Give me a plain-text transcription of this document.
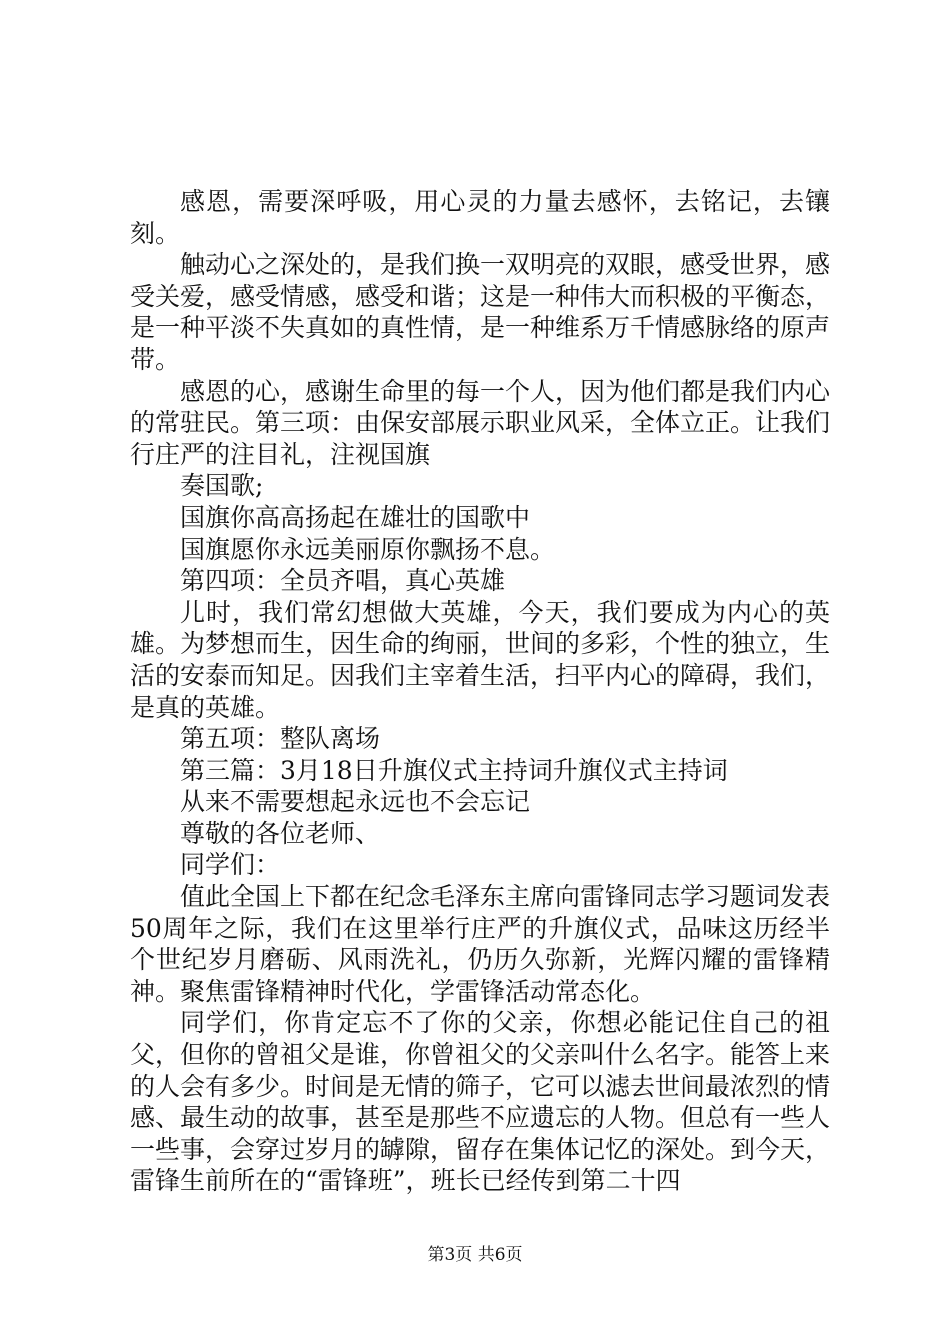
感恩，需要深呼吸，用心灵的力量去感怀，去铭记，去镶刻。

触动心之深处的，是我们换一双明亮的双眼，感受世界，感受关爱，感受情感，感受和谐；这是一种伟大而积极的平衡态，是一种平淡不失真如的真性情，是一种维系万千情感脉络的原声带。

感恩的心，感谢生命里的每一个人，因为他们都是我们内心的常驻民。第三项：由保安部展示职业风采，全体立正。让我们行庄严的注目礼，注视国旗

奏国歌;

国旗你高高扬起在雄壮的国歌中

国旗愿你永远美丽原你飘扬不息。

第四项：全员齐唱，真心英雄

儿时，我们常幻想做大英雄，今天，我们要成为内心的英雄。为梦想而生，因生命的绚丽，世间的多彩，个性的独立，生活的安泰而知足。因我们主宰着生活，扫平内心的障碍，我们，是真的英雄。

第五项：整队离场

第三篇：3月18日升旗仪式主持词升旗仪式主持词

从来不需要想起永远也不会忘记

尊敬的各位老师、

同学们：

值此全国上下都在纪念毛泽东主席向雷锋同志学习题词发表50周年之际，我们在这里举行庄严的升旗仪式，品味这历经半个世纪岁月磨砺、风雨洗礼，仍历久弥新，光辉闪耀的雷锋精神。聚焦雷锋精神时代化，学雷锋活动常态化。

同学们，你肯定忘不了你的父亲，你想必能记住自己的祖父，但你的曾祖父是谁，你曾祖父的父亲叫什么名字。能答上来的人会有多少。时间是无情的筛子，它可以滤去世间最浓烈的情感、最生动的故事，甚至是那些不应遗忘的人物。但总有一些人一些事，会穿过岁月的罅隙，留存在集体记忆的深处。到今天，雷锋生前所在的“雷锋班”，班长已经传到第二十四

第3页 共6页
